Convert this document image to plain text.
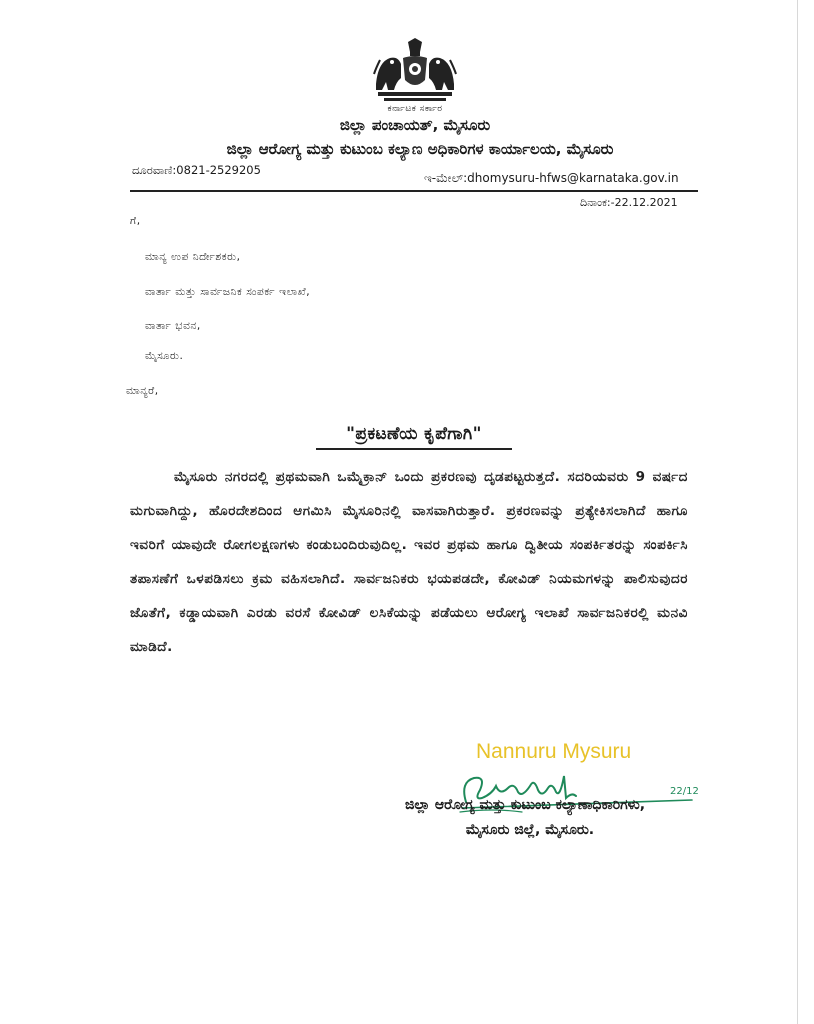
ಕರ್ನಾಟಕ ಸರ್ಕಾರ
ಜಿಲ್ಲಾ ಪಂಚಾಯತ್, ಮೈಸೂರು
ಜಿಲ್ಲಾ ಆರೋಗ್ಯ ಮತ್ತು ಕುಟುಂಬ ಕಲ್ಯಾಣ ಅಧಿಕಾರಿಗಳ ಕಾರ್ಯಾಲಯ, ಮೈಸೂರು
ದೂರವಾಣಿ:0821-2529205
ಇ-ಮೇಲ್:dhomysuru-hfws@karnataka.gov.in
ದಿನಾಂಕ:-22.12.2021
ಗೆ,
ಮಾನ್ಯ ಉಪ ನಿರ್ದೇಶಕರು,
ವಾರ್ತಾ ಮತ್ತು ಸಾರ್ವಜನಿಕ ಸಂಪರ್ಕ ಇಲಾಖೆ,
ವಾರ್ತಾ ಭವನ,
ಮೈಸೂರು.
ಮಾನ್ಯರೆ,
"ಪ್ರಕಟಣೆಯ ಕೃಪೆಗಾಗಿ"
ಮೈಸೂರು ನಗರದಲ್ಲಿ ಪ್ರಥಮವಾಗಿ ಒಮೈಕ್ರಾನ್ ಒಂದು ಪ್ರಕರಣವು ದೃಡಪಟ್ಟರುತ್ತದೆ. ಸದರಿಯವರು 9 ವರ್ಷದ ಮಗುವಾಗಿದ್ದು, ಹೊರದೇಶದಿಂದ ಆಗಮಿಸಿ ಮೈಸೂರಿನಲ್ಲಿ ವಾಸವಾಗಿರುತ್ತಾರೆ. ಪ್ರಕರಣವನ್ನು ಪ್ರತ್ಯೇಕಿಸಲಾಗಿದೆ ಹಾಗೂ ಇವರಿಗೆ ಯಾವುದೇ ರೋಗಲಕ್ಷಣಗಳು ಕಂಡುಬಂದಿರುವುದಿಲ್ಲ. ಇವರ ಪ್ರಥಮ ಹಾಗೂ ದ್ವಿತೀಯ ಸಂಪರ್ಕಿತರನ್ನು ಸಂಪರ್ಕಿಸಿ ತಪಾಸಣೆಗೆ ಒಳಪಡಿಸಲು ಕ್ರಮ ವಹಿಸಲಾಗಿದೆ. ಸಾರ್ವಜನಿಕರು ಭಯಪಡದೇ, ಕೋವಿಡ್ ನಿಯಮಗಳನ್ನು ಪಾಲಿಸುವುದರ ಜೊತೆಗೆ, ಕಡ್ಡಾಯವಾಗಿ ಎರಡು ವರಸೆ ಕೋವಿಡ್ ಲಸಿಕೆಯನ್ನು ಪಡೆಯಲು ಆರೋಗ್ಯ ಇಲಾಖೆ ಸಾರ್ವಜನಿಕರಲ್ಲಿ ಮನವಿ ಮಾಡಿದೆ.
Nannuru Mysuru
22/12
ಜಿಲ್ಲಾ ಆರೋಗ್ಯ ಮತ್ತು ಕುಟುಂಬ ಕಲ್ಯಾಣಾಧಿಕಾರಿಗಳು,
ಮೈಸೂರು ಜಿಲ್ಲೆ, ಮೈಸೂರು.
